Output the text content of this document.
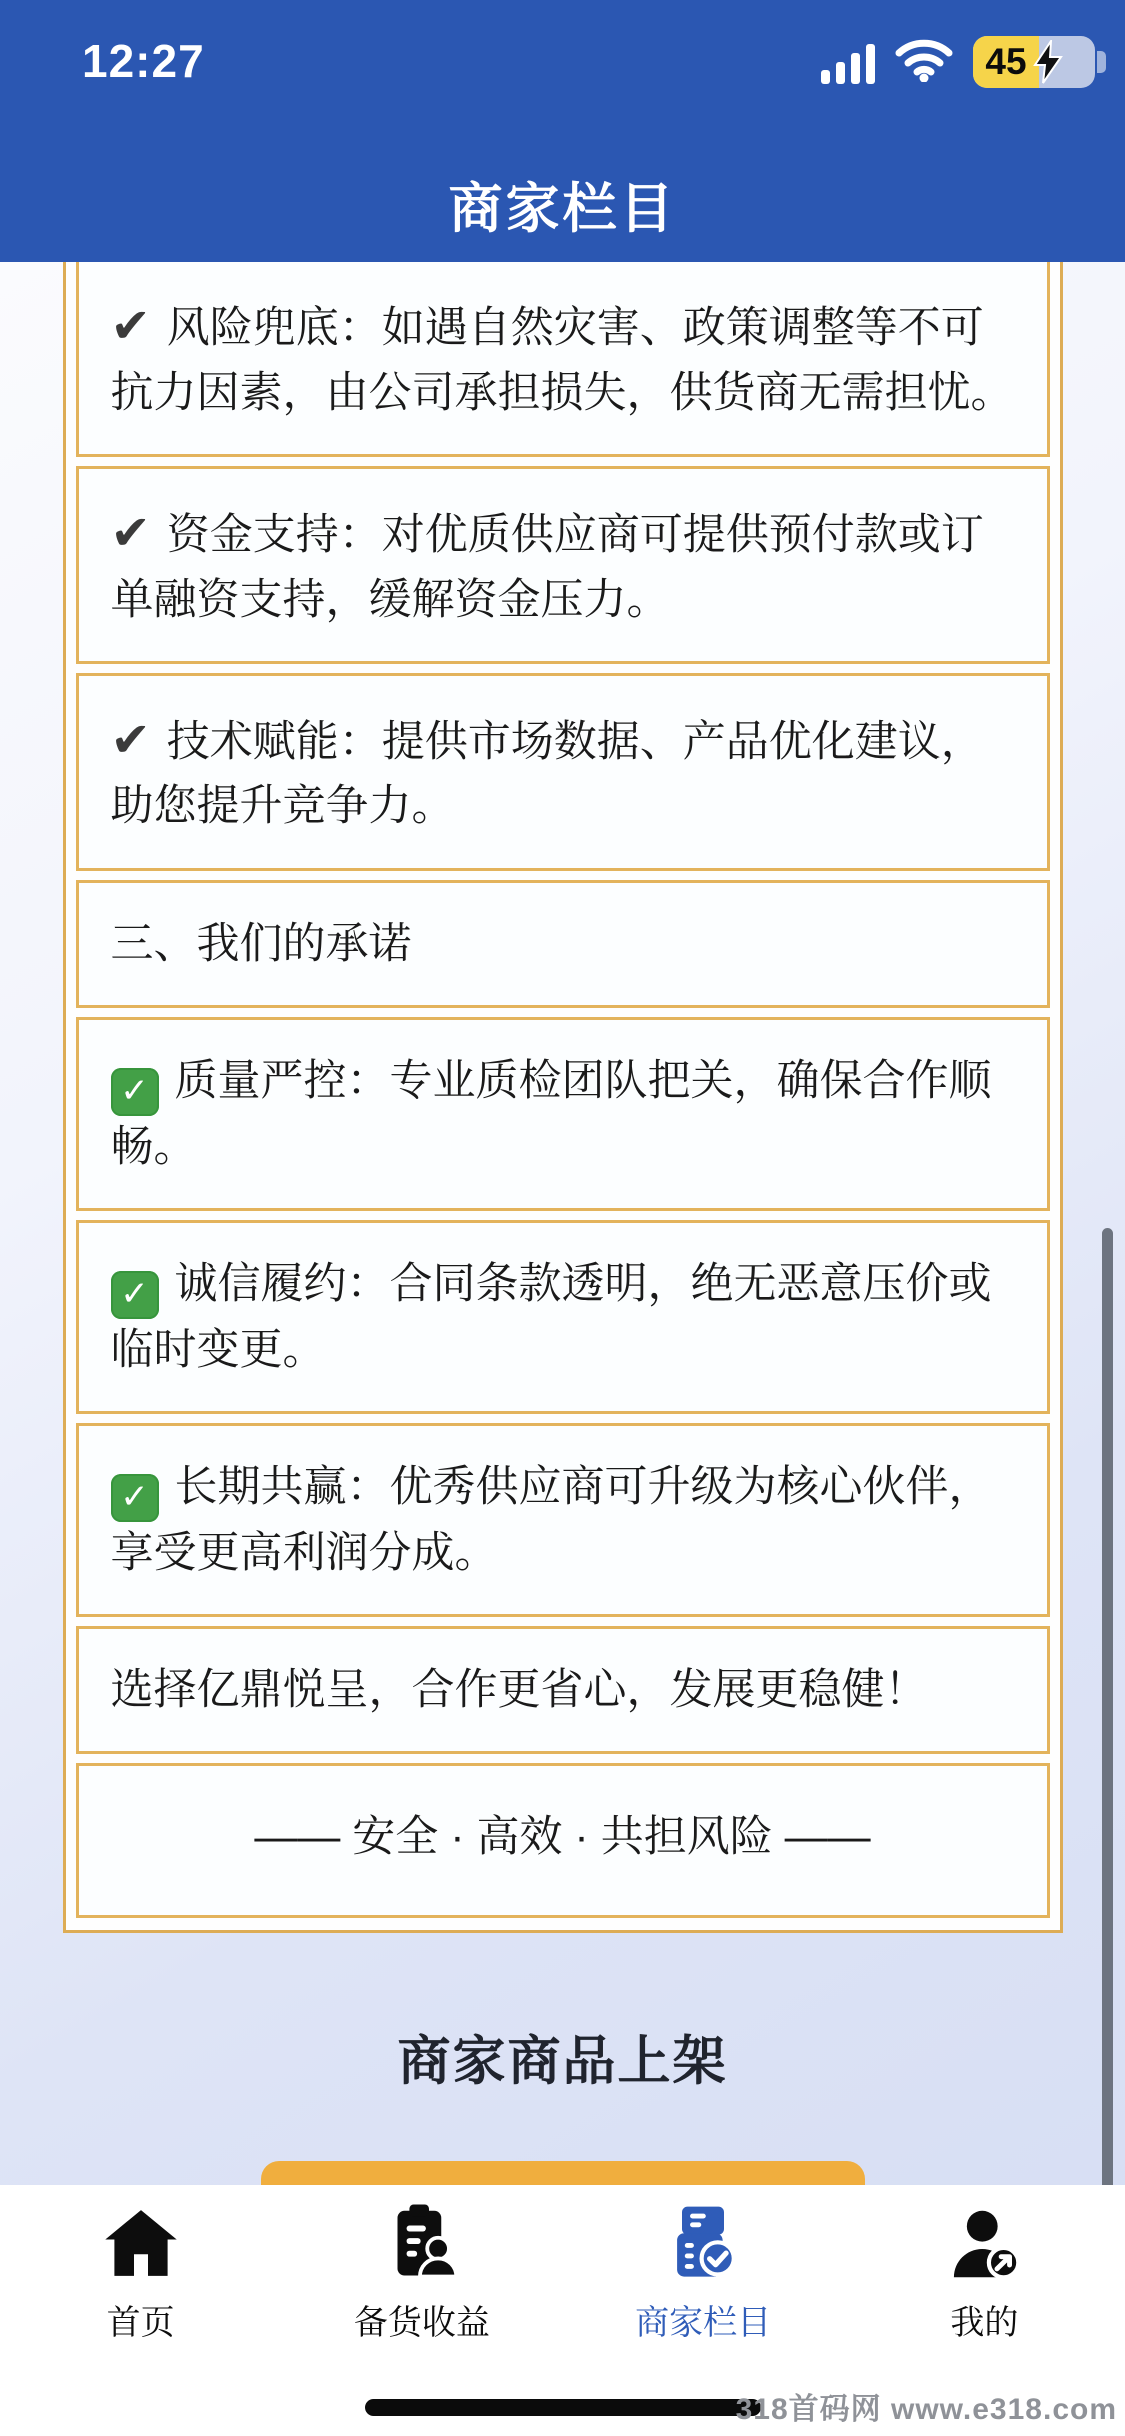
12:27	45
商家栏目
✔ 风险兜底：如遇自然灾害、政策调整等不可抗力因素，由公司承担损失，供货商无需担忧。
✔ 资金支持：对优质供应商可提供预付款或订单融资支持，缓解资金压力。
✔ 技术赋能：提供市场数据、产品优化建议，助您提升竞争力。
三、我们的承诺
✓ 质量严控：专业质检团队把关，确保合作顺畅。
✓ 诚信履约：合同条款透明，绝无恶意压价或临时变更。
✓ 长期共赢：优秀供应商可升级为核心伙伴，享受更高利润分成。
选择亿鼎悦呈，合作更省心，发展更稳健！
—— 安全 · 高效 · 共担风险 ——
商家商品上架
首页	备货收益	商家栏目	我的
318首码网 www.e318.com
